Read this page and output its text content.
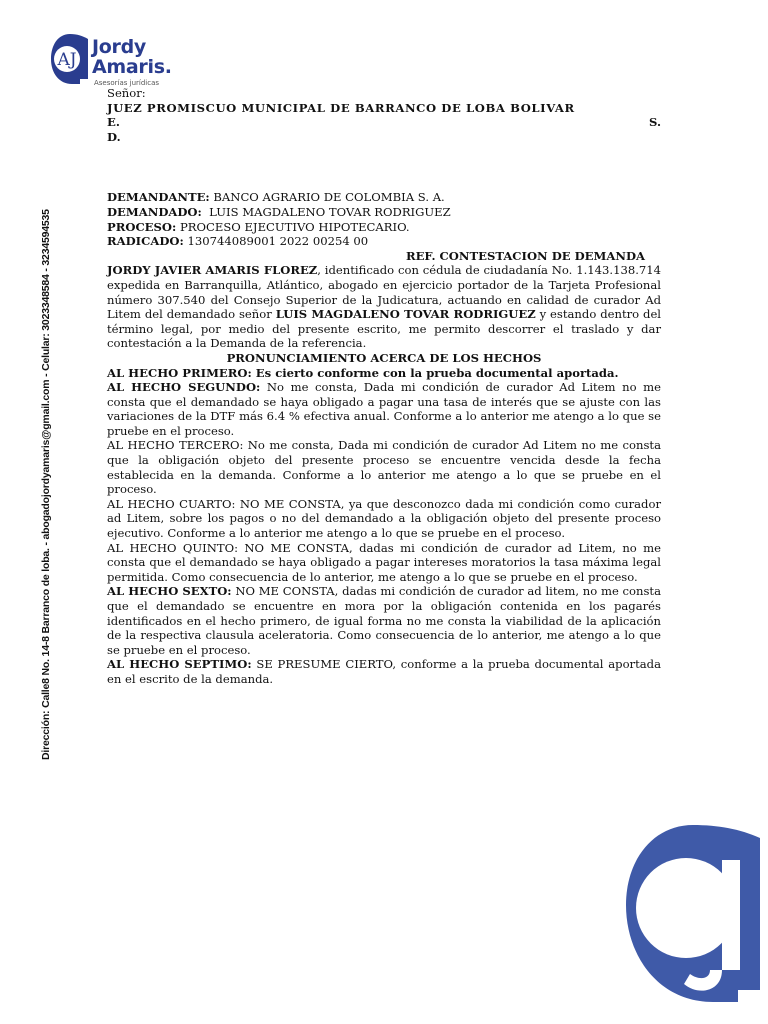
AJ
Jordy
Amaris.
Asesorías jurídicas
Dirección: Calle8 No. 14-8 Barranco de loba. - abogadojordyamaris@gmail.com - Celular: 3023348584 - 3234594535

Señor:

JUEZ PROMISCUO MUNICIPAL DE BARRANCO DE LOBA BOLIVAR

E.	S.

D.

DEMANDANTE: BANCO AGRARIO DE COLOMBIA S. A.
DEMANDADO:  LUIS MAGDALENO TOVAR RODRIGUEZ
PROCESO: PROCESO EJECUTIVO HIPOTECARIO.
RADICADO: 130744089001 2022 00254 00

REF. CONTESTACION DE DEMANDA

JORDY JAVIER AMARIS FLOREZ, identificado con cédula de ciudadanía No. 1.143.138.714 expedida en Barranquilla, Atlántico, abogado en ejercicio portador de la Tarjeta Profesional número 307.540 del Consejo Superior de la Judicatura, actuando en calidad de curador Ad Litem del demandado señor LUIS MAGDALENO TOVAR RODRIGUEZ y estando dentro del término legal, por medio del presente escrito, me permito descorrer el traslado y dar contestación a la Demanda de la referencia.

PRONUNCIAMIENTO ACERCA DE LOS HECHOS

AL HECHO PRIMERO: Es cierto conforme con la prueba documental aportada.

AL HECHO SEGUNDO: No me consta, Dada mi condición de curador Ad Litem no me consta que el demandado se haya obligado a pagar una tasa de interés que se ajuste con las variaciones de la DTF más 6.4 % efectiva anual. Conforme a lo anterior me atengo a lo que se pruebe en el proceso.

AL HECHO TERCERO: No me consta, Dada mi condición de curador Ad Litem no me consta que la obligación objeto del presente proceso se encuentre vencida desde la fecha establecida en la demanda. Conforme a lo anterior me atengo a lo que se pruebe en el proceso.

AL HECHO CUARTO: NO ME CONSTA, ya que desconozco dada mi condición como curador ad Litem, sobre los pagos o no del demandado a la obligación objeto del presente proceso ejecutivo. Conforme a lo anterior me atengo a lo que se pruebe en el proceso.

AL HECHO QUINTO: NO ME CONSTA, dadas mi condición de curador ad Litem, no me consta que el demandado se haya obligado a pagar intereses moratorios la tasa máxima legal permitida. Como consecuencia de lo anterior, me atengo a lo que se pruebe en el proceso.

AL HECHO SEXTO: NO ME CONSTA, dadas mi condición de curador ad litem, no me consta que el demandado se encuentre en mora por la obligación contenida en los pagarés identificados en el hecho primero, de igual forma no me consta la viabilidad de la aplicación de la respectiva clausula aceleratoria. Como consecuencia de lo anterior, me atengo a lo que se pruebe en el proceso.

AL HECHO SEPTIMO: SE PRESUME CIERTO, conforme a la prueba documental aportada en el escrito de la demanda.
